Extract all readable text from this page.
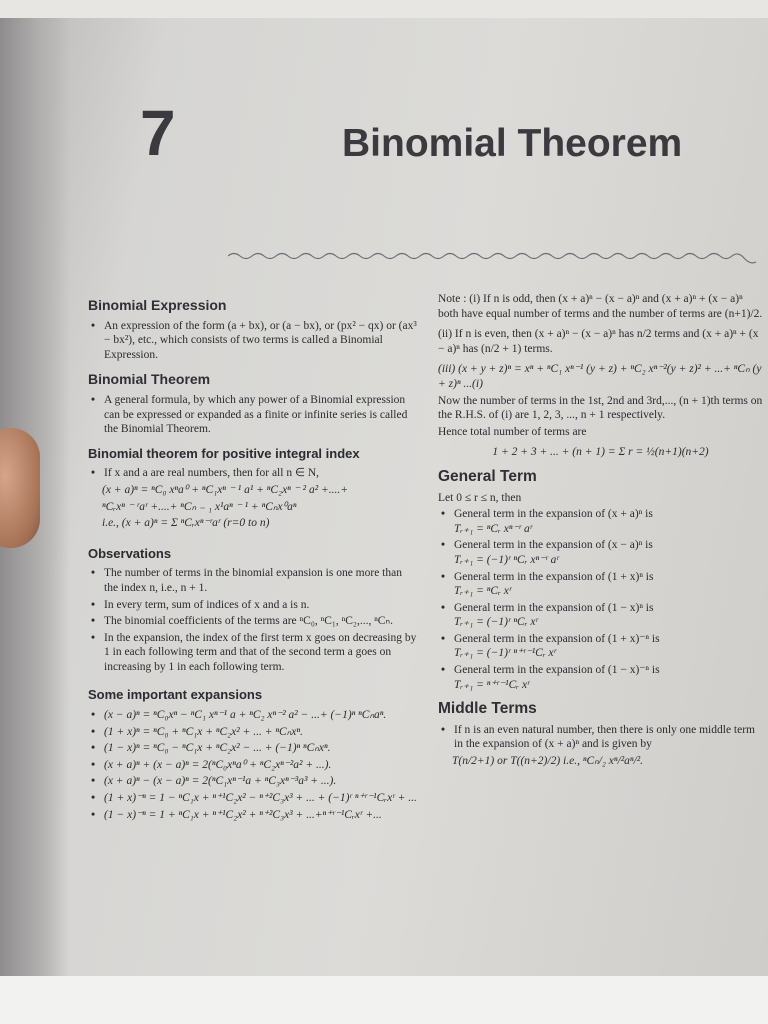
7	Binomial Theorem
Binomial Expression
• An expression of the form (a + bx), or (a − bx), or (px² − qx) or (ax³ − bx²), etc., which consists of two terms is called a Binomial Expression.
Binomial Theorem
• A general formula, by which any power of a Binomial expression can be expressed or expanded as a finite or infinite series is called the Binomial Theorem.
Binomial theorem for positive integral index
• If x and a are real numbers, then for all n ∈ N,

(x + a)ⁿ = ⁿC₀ xⁿa⁰ + ⁿC₁xⁿ ⁻ ¹ a¹ + ⁿC₂xⁿ ⁻ ² a² +....+

ⁿCᵣxⁿ ⁻ ʳaʳ +....+ ⁿCₙ ₋ ₁ x¹aⁿ ⁻ ¹ + ⁿCₙx⁰aⁿ

i.e., (x + a)ⁿ = Σ ⁿCᵣxⁿ⁻ʳaʳ (r=0 to n)

Observations
• The number of terms in the binomial expansion is one more than the index n, i.e., n + 1.
• In every term, sum of indices of x and a is n.
• The binomial coefficients of the terms are ⁿC₀, ⁿC₁, ⁿC₂,..., ⁿCₙ.
• In the expansion, the index of the first term x goes on decreasing by 1 in each following term and that of the second term a goes on increasing by 1 in each following term.
Some important expansions
• (x − a)ⁿ = ⁿC₀xⁿ − ⁿC₁ xⁿ⁻¹ a + ⁿC₂ xⁿ⁻² a² − ...+ (−1)ⁿ ⁿCₙaⁿ.
• (1 + x)ⁿ = ⁿC₀ + ⁿC₁x + ⁿC₂x² + ... + ⁿCₙxⁿ.
• (1 − x)ⁿ = ⁿC₀ − ⁿC₁x + ⁿC₂x² − ... + (−1)ⁿ ⁿCₙxⁿ.
• (x + a)ⁿ + (x − a)ⁿ = 2(ⁿC₀xⁿa⁰ + ⁿC₂xⁿ⁻²a² + ...).
• (x + a)ⁿ − (x − a)ⁿ = 2(ⁿC₁xⁿ⁻¹a + ⁿC₃xⁿ⁻³a³ + ...).
• (1 + x)⁻ⁿ = 1 − ⁿC₁x + ⁿ⁺¹C₂x² − ⁿ⁺²C₃x³ + ... + (−1)ʳ ⁿ⁺ʳ⁻¹Cᵣxʳ + ...
• (1 − x)⁻ⁿ = 1 + ⁿC₁x + ⁿ⁺¹C₂x² + ⁿ⁺²C₃x³ + ...+ⁿ⁺ʳ⁻¹Cᵣxʳ +...

Note : (i) If n is odd, then (x + a)ⁿ − (x − a)ⁿ and (x + a)ⁿ + (x − a)ⁿ both have equal number of terms and the number of terms are (n+1)/2.

(ii) If n is even, then (x + a)ⁿ − (x − a)ⁿ has n/2 terms and (x + a)ⁿ + (x − a)ⁿ has (n/2 + 1) terms.

(iii) (x + y + z)ⁿ = xⁿ + ⁿC₁ xⁿ⁻¹ (y + z) + ⁿC₂ xⁿ⁻²(y + z)² + ...+ ⁿCₙ (y + z)ⁿ ...(i)

Now the number of terms in the 1st, 2nd and 3rd,..., (n + 1)th terms on the R.H.S. of (i) are 1, 2, 3, ..., n + 1 respectively.

Hence total number of terms are

1 + 2 + 3 + ... + (n + 1) = Σ r = ½(n+1)(n+2)

General Term

Let 0 ≤ r ≤ n, then

• General term in the expansion of (x + a)ⁿ is
Tᵣ₊₁ = ⁿCᵣ xⁿ⁻ʳ aʳ
• General term in the expansion of (x − a)ⁿ is
Tᵣ₊₁ = (−1)ʳ ⁿCᵣ xⁿ⁻ʳ aʳ
• General term in the expansion of (1 + x)ⁿ is
Tᵣ₊₁ = ⁿCᵣ xʳ
• General term in the expansion of (1 − x)ⁿ is
Tᵣ₊₁ = (−1)ʳ ⁿCᵣ xʳ
• General term in the expansion of (1 + x)⁻ⁿ is
Tᵣ₊₁ = (−1)ʳ ⁿ⁺ʳ⁻¹Cᵣ xʳ
• General term in the expansion of (1 − x)⁻ⁿ is
Tᵣ₊₁ = ⁿ⁺ʳ⁻¹Cᵣ xʳ
Middle Terms
• If n is an even natural number, then there is only one middle term in the expansion of (x + a)ⁿ and is given by

T(n/2+1) or T((n+2)/2) i.e., ⁿCₙ/₂ xⁿ/²aⁿ/².
